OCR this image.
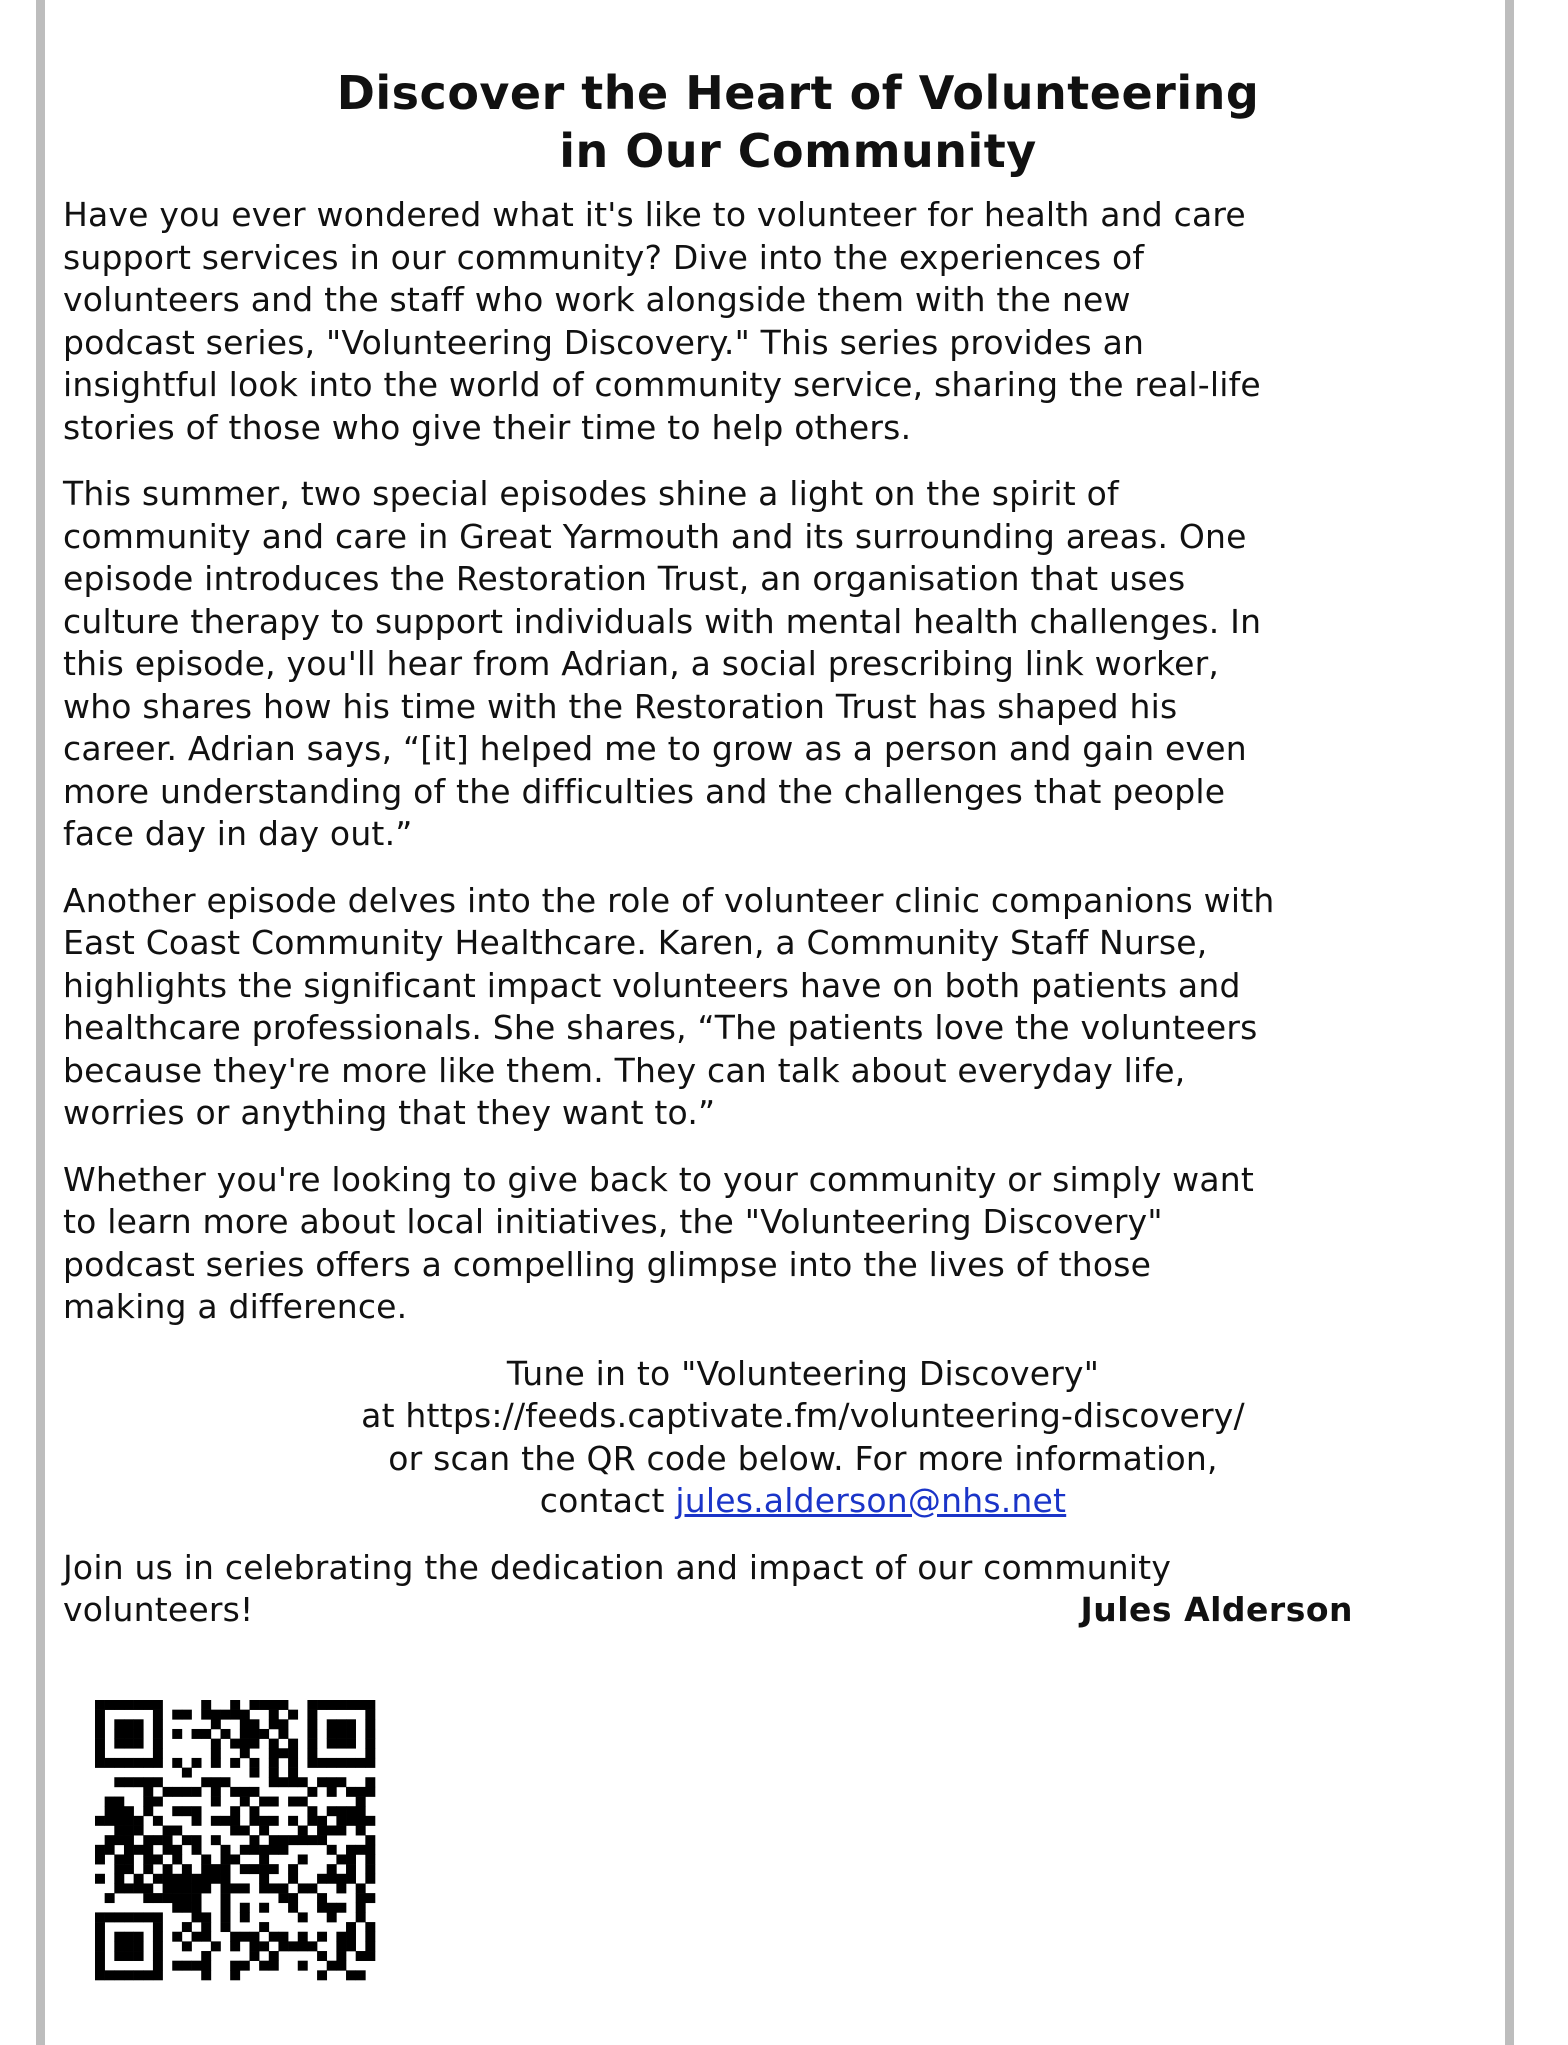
Discover the Heart of Volunteering
in Our Community

Have you ever wondered what it's like to volunteer for health and care
support services in our community? Dive into the experiences of
volunteers and the staff who work alongside them with the new
podcast series, "Volunteering Discovery." This series provides an
insightful look into the world of community service, sharing the real-life
stories of those who give their time to help others.

This summer, two special episodes shine a light on the spirit of
community and care in Great Yarmouth and its surrounding areas. One
episode introduces the Restoration Trust, an organisation that uses
culture therapy to support individuals with mental health challenges. In
this episode, you'll hear from Adrian, a social prescribing link worker,
who shares how his time with the Restoration Trust has shaped his
career. Adrian says, “[it] helped me to grow as a person and gain even
more understanding of the difficulties and the challenges that people
face day in day out.”

Another episode delves into the role of volunteer clinic companions with
East Coast Community Healthcare. Karen, a Community Staff Nurse,
highlights the significant impact volunteers have on both patients and
healthcare professionals. She shares, “The patients love the volunteers
because they're more like them. They can talk about everyday life,
worries or anything that they want to.”

Whether you're looking to give back to your community or simply want
to learn more about local initiatives, the "Volunteering Discovery"
podcast series offers a compelling glimpse into the lives of those
making a difference.

Tune in to "Volunteering Discovery"
at https://feeds.captivate.fm/volunteering-discovery/
or scan the QR code below. For more information,
contact jules.alderson@nhs.net
Join us in celebrating the dedication and impact of our community
volunteers!	Jules Alderson
